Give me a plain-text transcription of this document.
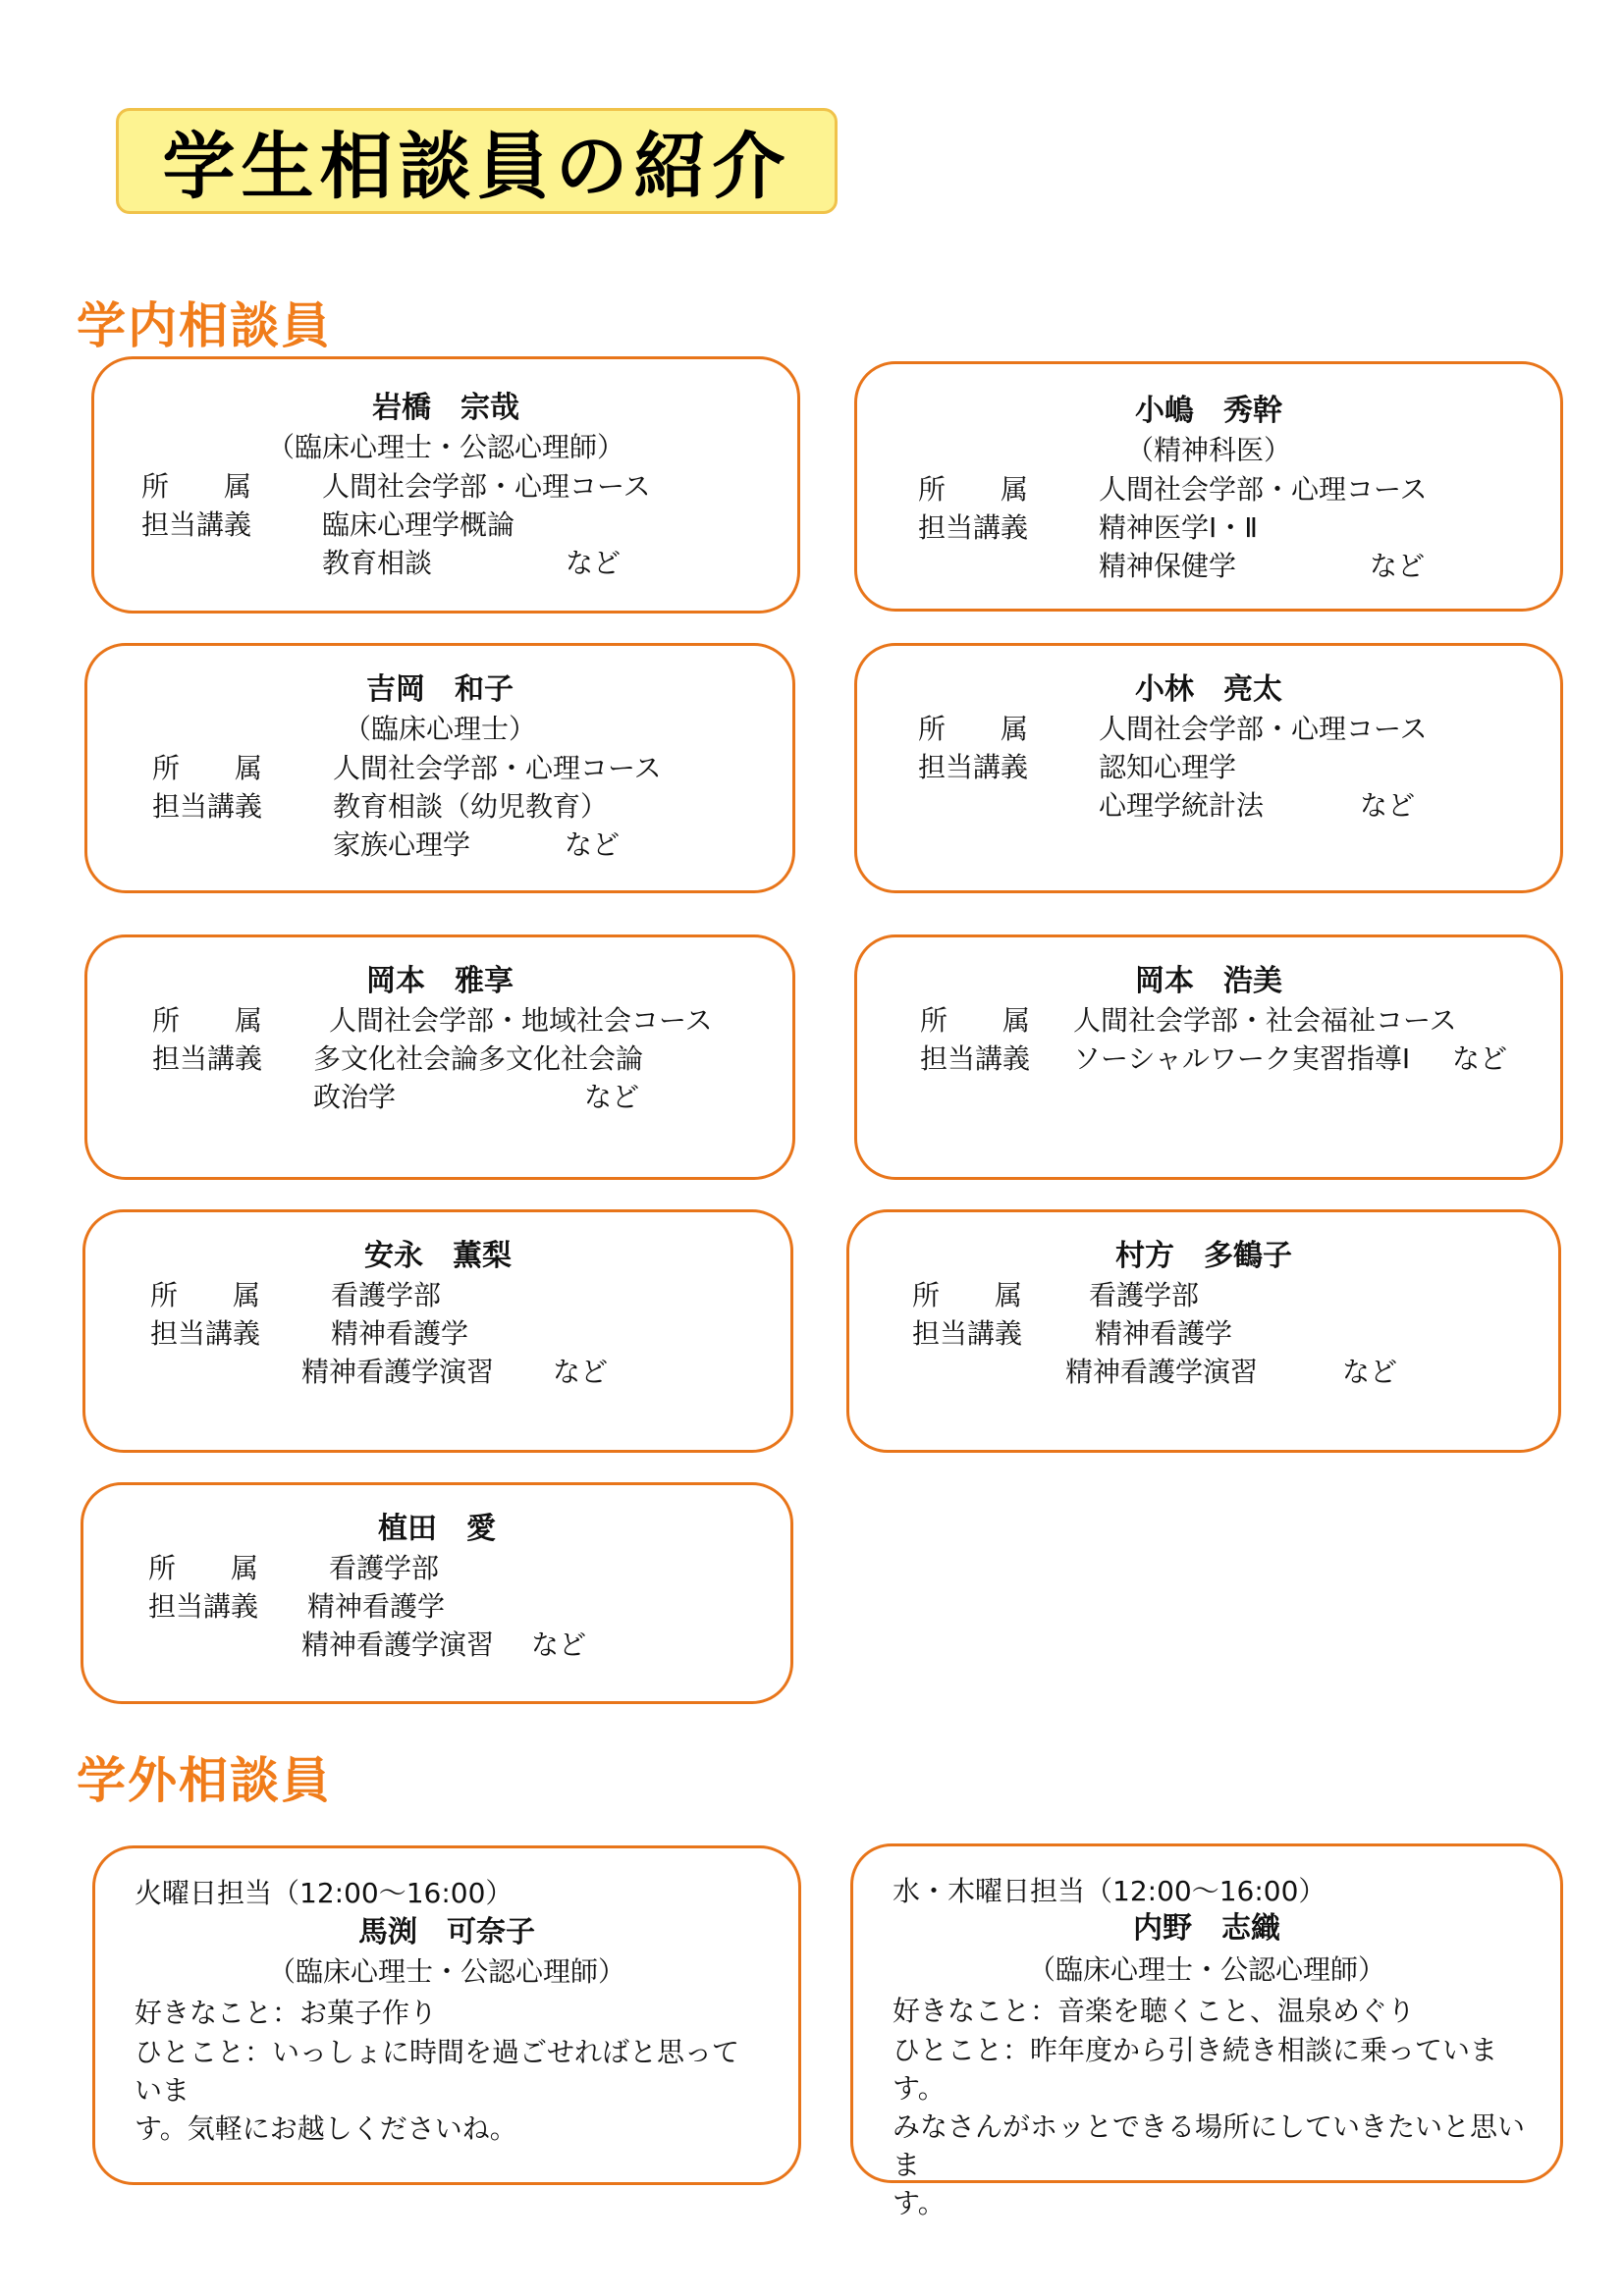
学生相談員の紹介
学内相談員
岩橋　宗哉
（臨床心理士・公認心理師）
所　　属	人間社会学部・心理コース
担当講義	臨床心理学概論
教育相談	など
小嶋　秀幹
（精神科医）
所　　属	人間社会学部・心理コース
担当講義	精神医学Ⅰ・Ⅱ
精神保健学	など
吉岡　和子
（臨床心理士）
所　　属	人間社会学部・心理コース
担当講義	教育相談（幼児教育）
家族心理学	など
小林　亮太
所　　属	人間社会学部・心理コース
担当講義	認知心理学
心理学統計法	など
岡本　雅享
所　　属 人間社会学部・地域社会コース
担当講義 多文化社会論多文化社会論
政治学	など
岡本　浩美
所　　属 人間社会学部・社会福祉コース
担当講義 ソーシャルワーク実習指導Ⅰ など
安永　薫梨
所　　属	看護学部
担当講義	精神看護学
精神看護学演習 など
村方　多鶴子
所　　属 看護学部
担当講義	精神看護学
精神看護学演習	など
植田　愛
所　　属	看護学部
担当講義 精神看護学
精神看護学演習 など
学外相談員
火曜日担当（12:00～16:00）
馬渕　可奈子
（臨床心理士・公認心理師）
好きなこと：お菓子作り

ひとこと：いっしょに時間を過ごせればと思っていま

す。気軽にお越しくださいね。

水・木曜日担当（12:00～16:00）
内野　志織
（臨床心理士・公認心理師）
好きなこと：音楽を聴くこと、温泉めぐり

ひとこと：昨年度から引き続き相談に乗っています。

みなさんがホッとできる場所にしていきたいと思いま

す。
